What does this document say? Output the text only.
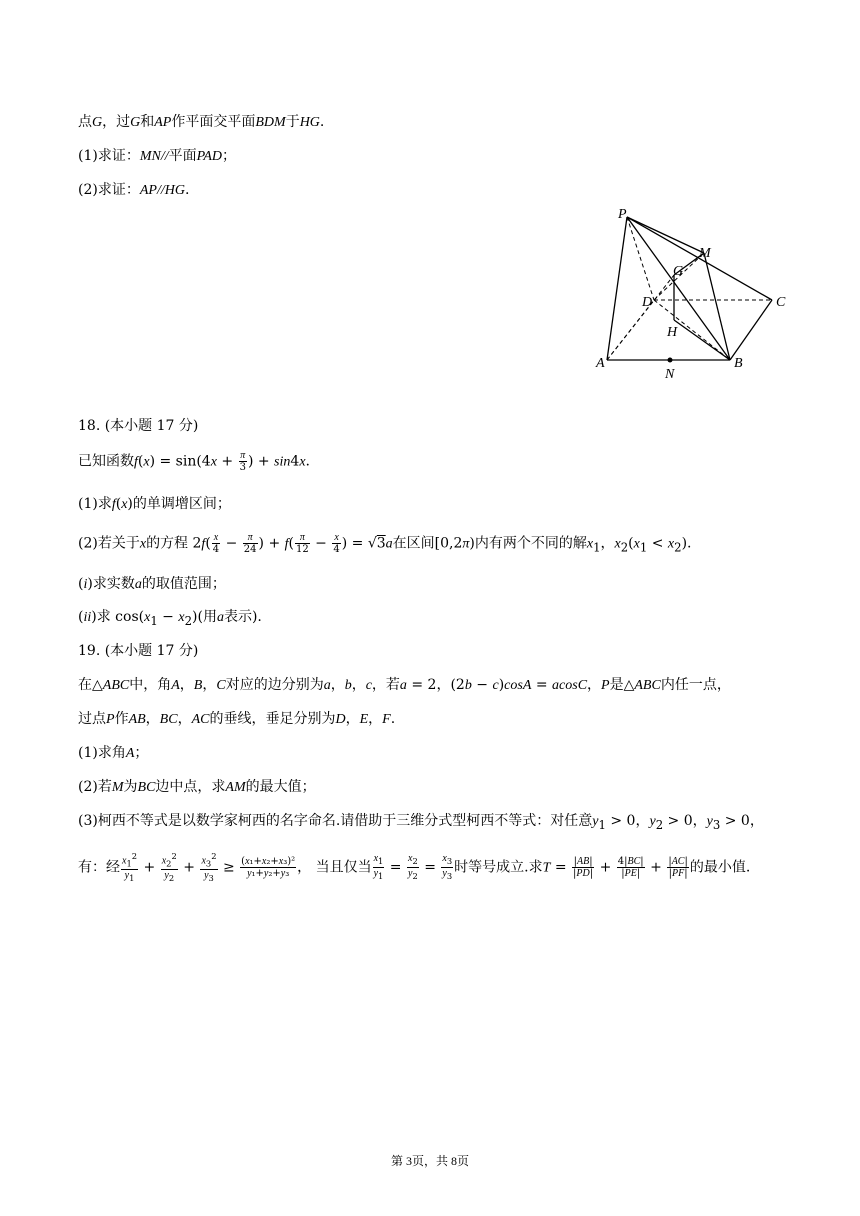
点G，过G和AP作平面交平面BDM于HG.
(1)求证：MN//平面PAD；
(2)求证：AP//HG.
P
M
G
D	C
H
A
N
B
18. (本小题 17 分)
已知函数$f(x) = \sin(4x + \frac{\pi}{3}$ ) + sin4x.
(1)求f(x)的单调增区间；
(2)若关于x的方程 $2f( \frac{x}{4} - \frac{\pi}{24}$ ) + $f( \frac{\pi}{12} - \frac{x}{4}$ ) = √3a在区间[0,2π)内有两个不同的解$x_1$，$x_2(x_1 < x_2)$.
(i)求实数a的取值范围；
(ii)求 $\cos(x_1 - x_2)$(用a表示).
19. (本小题 17 分)
在△ABC中，角A，B，C对应的边分别为a，b，c，若a = 2，(2b − c)cosA = acosC，P是△ABC内任一点，
过点P作AB，BC，AC的垂线，垂足分别为D，E，F.
(1)求角A；
(2)若M为BC边中点，求AM的最大值；
(3)柯西不等式是以数学家柯西的名字命名.请借助于三维分式型柯西不等式：对任意$y_1 > 0$，$y_2 > 0$，$y_3 > 0$，
有：经 $\frac{x_1^2}{y_1} + \frac{x_2^2}{y_2} + \frac{x_3^2}{y_3} \ge \frac{\text{(x₁+x₂+x₃)²}}{\text{y₁+y₂+y₃}}$ ， 当且仅当 $\frac{x_1}{y_1} = \frac{x_2}{y_2} = \frac{x_3}{y_3}$ 时等号成立.求$T = \frac{|AB|}{|PD|} + \frac{4|BC|}{|PE|} + \frac{|AC|}{|PF|}$ 的最小值.
第 3页，共 8页
